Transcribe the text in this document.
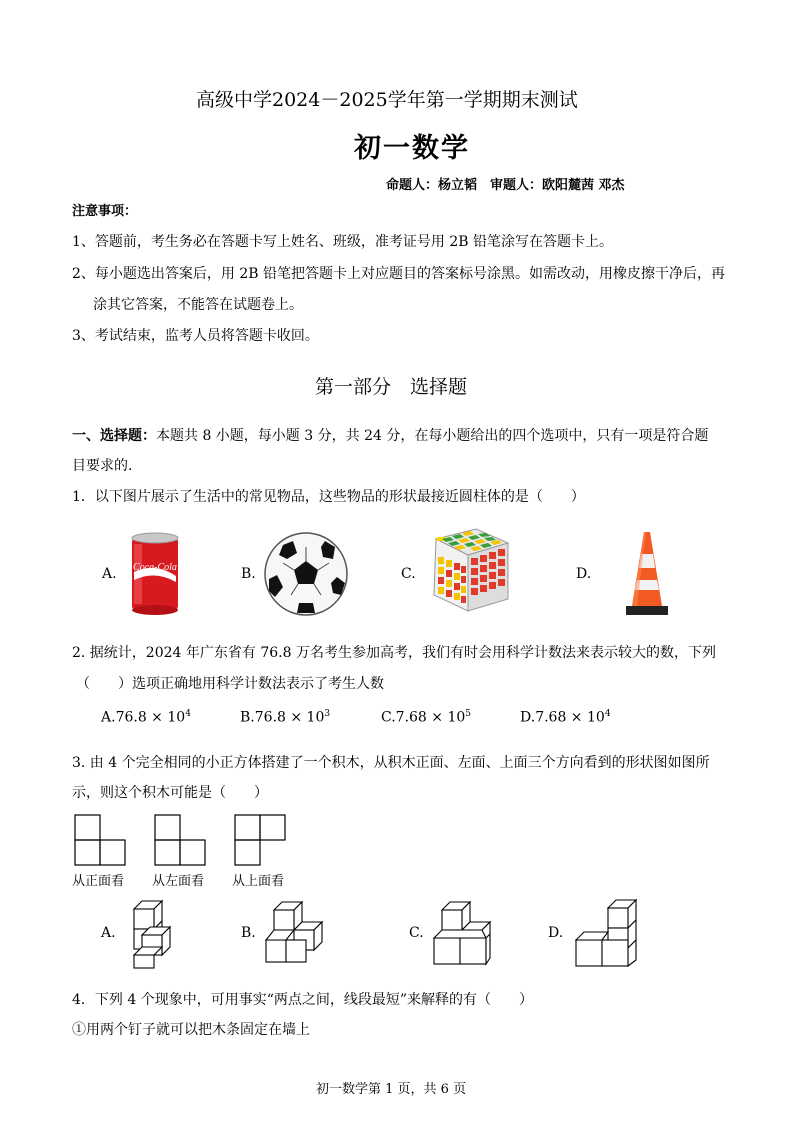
高级中学2024－2025学年第一学期期末测试
初一数学
命题人：杨立韬　审题人：欧阳麓茜 邓杰
注意事项：
1、答题前，考生务必在答题卡写上姓名、班级，准考证号用 2B 铅笔涂写在答题卡上。
2、每小题选出答案后，用 2B 铅笔把答题卡上对应题目的答案标号涂黑。如需改动，用橡皮擦干净后，再
涂其它答案，不能答在试题卷上。
3、考试结束，监考人员将答题卡收回。
第一部分　选择题
一、选择题：本题共 8 小题，每小题 3 分，共 24 分，在每小题给出的四个选项中，只有一项是符合题
目要求的.
1．以下图片展示了生活中的常见物品，这些物品的形状最接近圆柱体的是（　　）
A. Coca-Cola	B.	C.	D.
2. 据统计，2024 年广东省有 76.8 万名考生参加高考，我们有时会用科学计数法来表示较大的数，下列
（　　）选项正确地用科学计数法表示了考生人数
$A.76.8 \times 10^4$	$B.76.8 \times 10^3$	$C.7.68 \times 10^5$	$D.7.68 \times 10^4$
3. 由 4 个完全相同的小正方体搭建了一个积木，从积木正面、左面、上面三个方向看到的形状图如图所
示，则这个积木可能是（　　）
从正面看 从左面看 从上面看
A.	B.	C.	D.
4．下列 4 个现象中，可用事实“两点之间，线段最短”来解释的有（　　）
①用两个钉子就可以把木条固定在墙上
初一数学第 1 页，共 6 页
